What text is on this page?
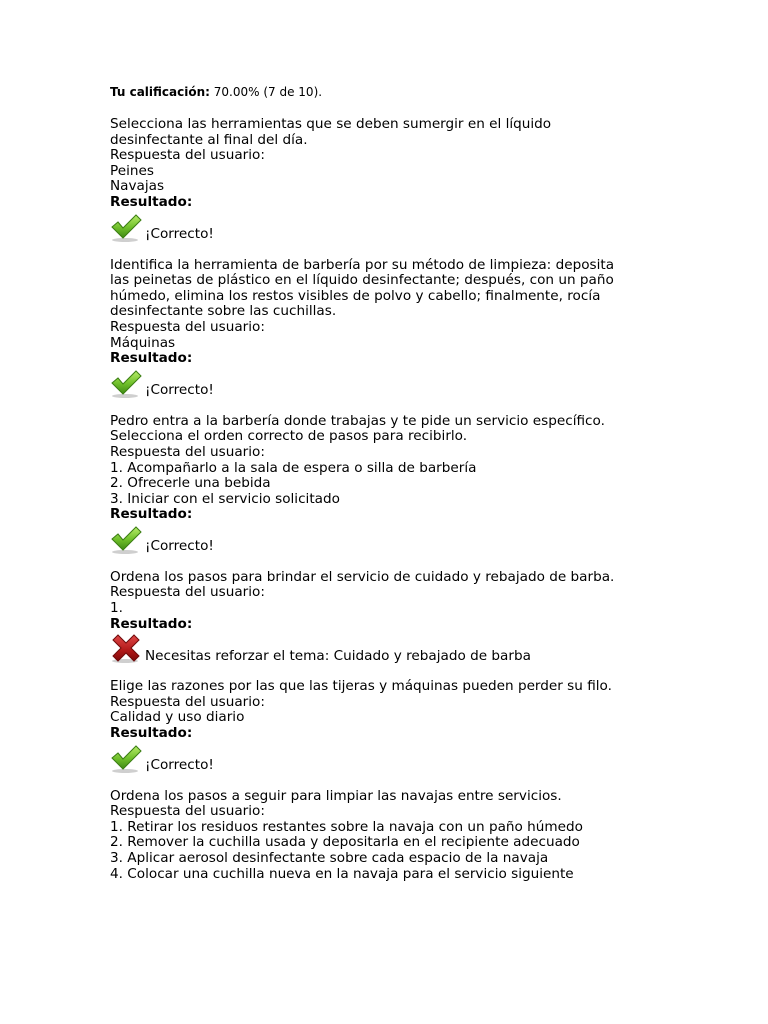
Tu calificación: 70.00% (7 de 10).
Selecciona las herramientas que se deben sumergir en el líquido
desinfectante al final del día.
Respuesta del usuario:
Peines
Navajas
Resultado:
¡Correcto!
Identifica la herramienta de barbería por su método de limpieza: deposita
las peinetas de plástico en el líquido desinfectante; después, con un paño
húmedo, elimina los restos visibles de polvo y cabello; finalmente, rocía
desinfectante sobre las cuchillas.
Respuesta del usuario:
Máquinas
Resultado:
¡Correcto!
Pedro entra a la barbería donde trabajas y te pide un servicio específico.
Selecciona el orden correcto de pasos para recibirlo.
Respuesta del usuario:
1. Acompañarlo a la sala de espera o silla de barbería
2. Ofrecerle una bebida
3. Iniciar con el servicio solicitado
Resultado:
¡Correcto!
Ordena los pasos para brindar el servicio de cuidado y rebajado de barba.
Respuesta del usuario:
1.
Resultado:
Necesitas reforzar el tema: Cuidado y rebajado de barba
Elige las razones por las que las tijeras y máquinas pueden perder su filo.
Respuesta del usuario:
Calidad y uso diario
Resultado:
¡Correcto!
Ordena los pasos a seguir para limpiar las navajas entre servicios.
Respuesta del usuario:
1. Retirar los residuos restantes sobre la navaja con un paño húmedo
2. Remover la cuchilla usada y depositarla en el recipiente adecuado
3. Aplicar aerosol desinfectante sobre cada espacio de la navaja
4. Colocar una cuchilla nueva en la navaja para el servicio siguiente
